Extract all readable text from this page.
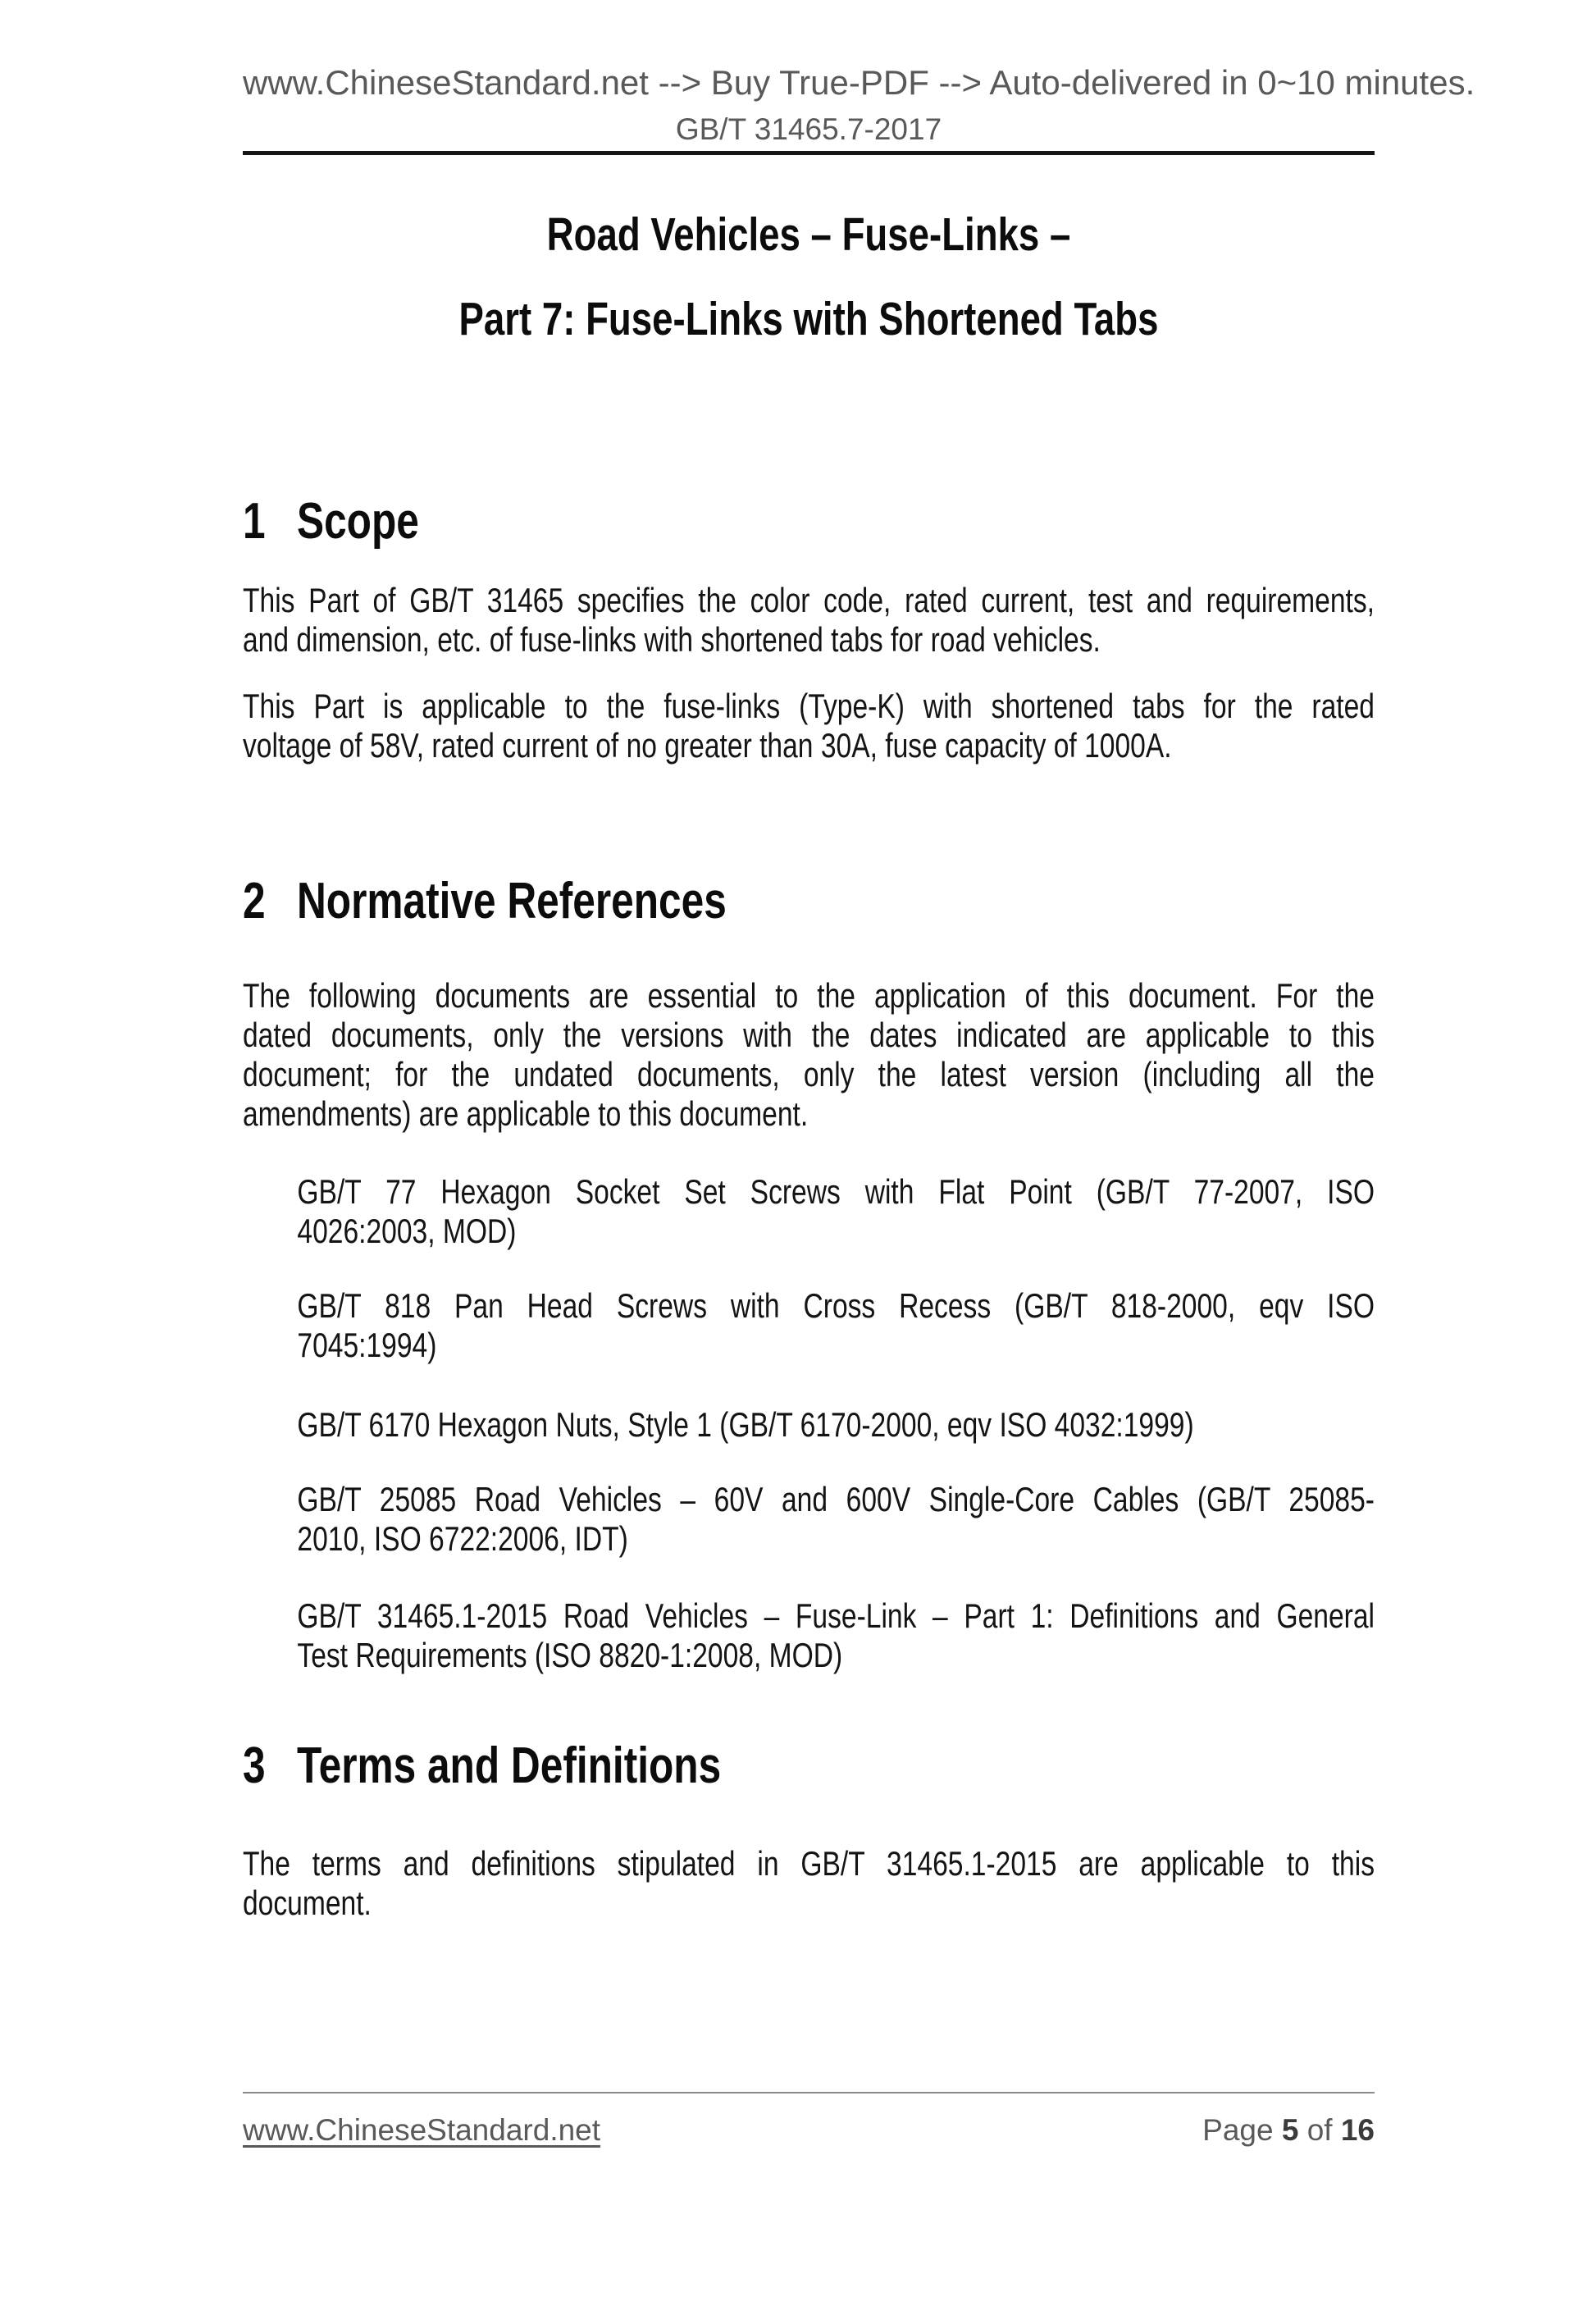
www.ChineseStandard.net --> Buy True-PDF --> Auto-delivered in 0~10 minutes.
GB/T 31465.7-2017
Road Vehicles – Fuse-Links –
Part 7: Fuse-Links with Shortened Tabs
1 Scope
This Part of GB/T 31465 specifies the color code, rated current, test and requirements,
and dimension, etc. of fuse-links with shortened tabs for road vehicles.
This Part is applicable to the fuse-links (Type-K) with shortened tabs for the rated
voltage of 58V, rated current of no greater than 30A, fuse capacity of 1000A.
2 Normative References
The following documents are essential to the application of this document. For the
dated documents, only the versions with the dates indicated are applicable to this
document; for the undated documents, only the latest version (including all the
amendments) are applicable to this document.
GB/T 77 Hexagon Socket Set Screws with Flat Point (GB/T 77-2007, ISO
4026:2003, MOD)
GB/T 818 Pan Head Screws with Cross Recess (GB/T 818-2000, eqv ISO
7045:1994)
GB/T 6170 Hexagon Nuts, Style 1 (GB/T 6170-2000, eqv ISO 4032:1999)
GB/T 25085 Road Vehicles – 60V and 600V Single-Core Cables (GB/T 25085-
2010, ISO 6722:2006, IDT)
GB/T 31465.1-2015 Road Vehicles – Fuse-Link – Part 1: Definitions and General
Test Requirements (ISO 8820-1:2008, MOD)
3 Terms and Definitions
The terms and definitions stipulated in GB/T 31465.1-2015 are applicable to this
document.
www.ChineseStandard.net	Page 5 of 16
